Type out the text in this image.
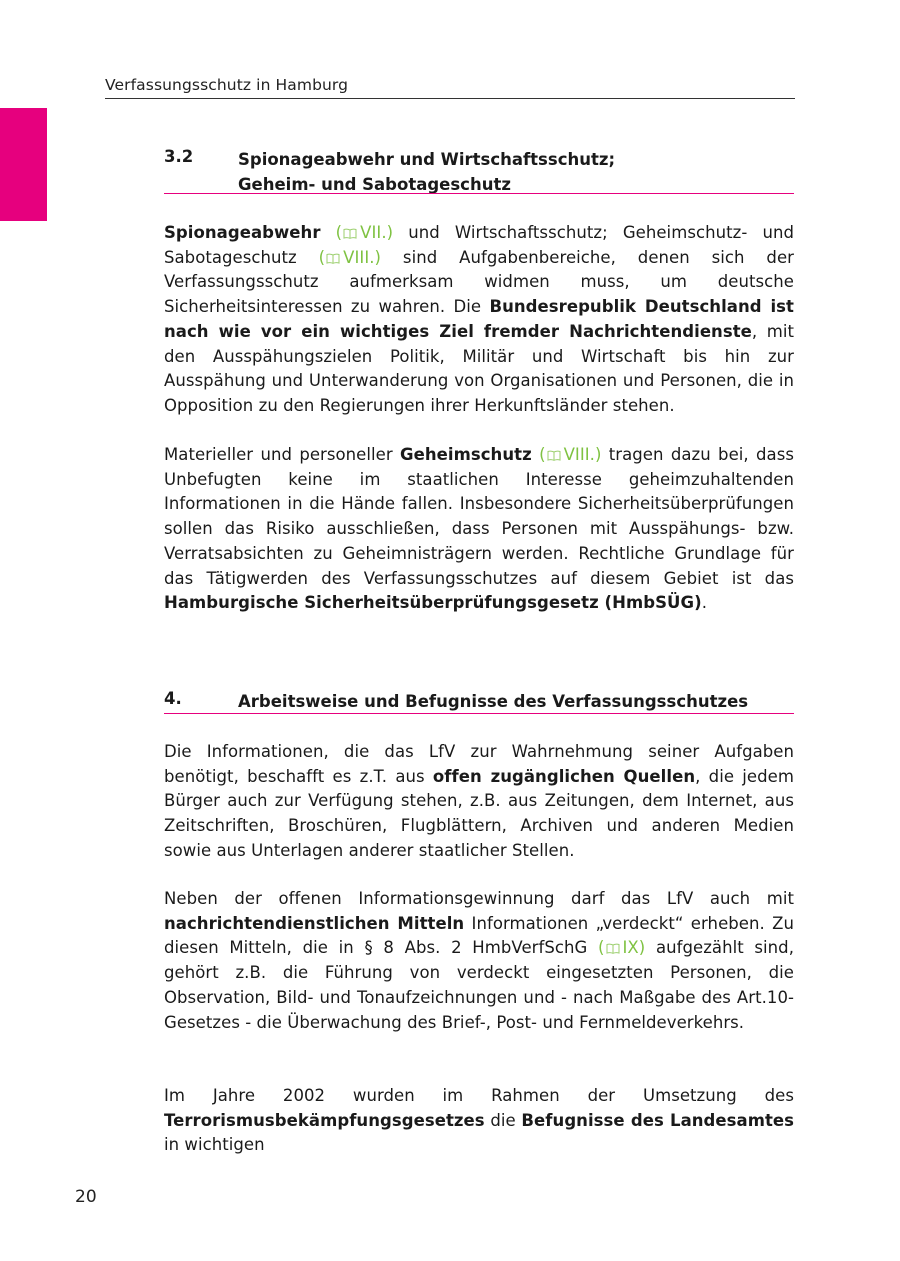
Verfassungsschutz in Hamburg
3.2	Spionageabwehr und Wirtschaftsschutz;
Geheim- und Sabotageschutz
Spionageabwehr ( VII.) und Wirtschaftsschutz; Geheimschutz- und Sabotageschutz ( VIII.) sind Aufgabenbereiche, denen sich der Verfassungsschutz aufmerksam widmen muss, um deutsche Sicherheitsinteressen zu wahren. Die Bundesrepublik Deutschland ist nach wie vor ein wichtiges Ziel fremder Nachrichtendienste, mit den Ausspähungszielen Politik, Militär und Wirtschaft bis hin zur Ausspähung und Unterwanderung von Organisationen und Personen, die in Opposition zu den Regierungen ihrer Herkunftsländer stehen.
Materieller und personeller Geheimschutz ( VIII.) tragen dazu bei, dass Unbefugten keine im staatlichen Interesse geheimzuhaltenden Informationen in die Hände fallen. Insbesondere Sicherheitsüberprüfungen sollen das Risiko ausschließen, dass Personen mit Ausspähungs- bzw. Verratsabsichten zu Geheimnisträgern werden. Rechtliche Grundlage für das Tätigwerden des Verfassungsschutzes auf diesem Gebiet ist das Hamburgische Sicherheitsüberprüfungsgesetz (HmbSÜG).
4.	Arbeitsweise und Befugnisse des Verfassungsschutzes
Die Informationen, die das LfV zur Wahrnehmung seiner Aufgaben benötigt, beschafft es z.T. aus offen zugänglichen Quellen, die jedem Bürger auch zur Verfügung stehen, z.B. aus Zeitungen, dem Internet, aus Zeitschriften, Broschüren, Flugblättern, Archiven und anderen Medien sowie aus Unterlagen anderer staatlicher Stellen.
Neben der offenen Informationsgewinnung darf das LfV auch mit nachrichtendienstlichen Mitteln Informationen „verdeckt“ erheben. Zu diesen Mitteln, die in § 8 Abs. 2 HmbVerfSchG ( IX) aufgezählt sind, gehört z.B. die Führung von verdeckt eingesetzten Personen, die Observation, Bild- und Tonaufzeichnungen und - nach Maßgabe des Art.10-Gesetzes - die Überwachung des Brief-, Post- und Fernmeldeverkehrs.
Im Jahre 2002 wurden im Rahmen der Umsetzung des Terrorismusbekämpfungsgesetzes die Befugnisse des Landesamtes in wichtigen
20
